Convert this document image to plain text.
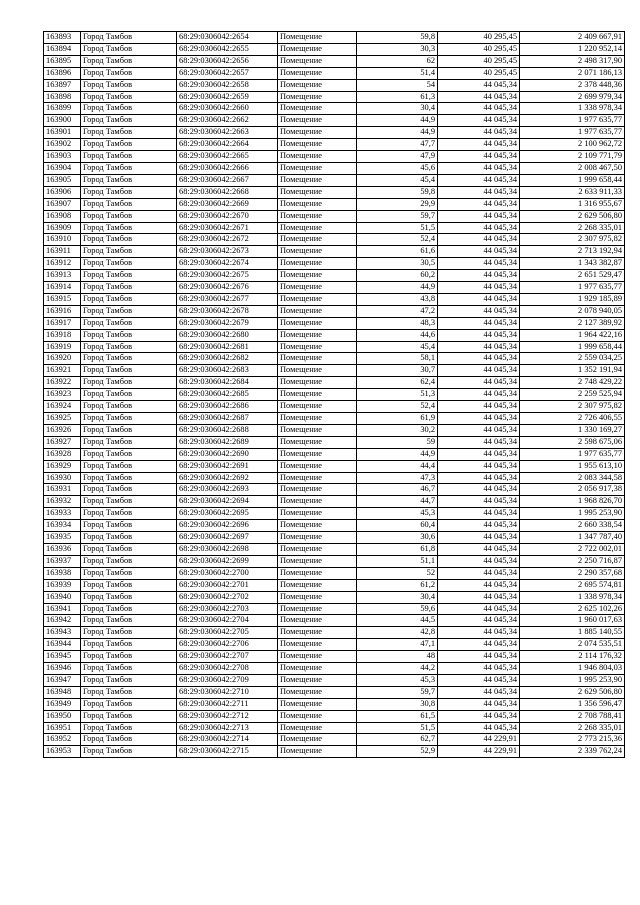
163893	Город Тамбов	68:29:0306042:2654	Помещение	59,8	40 295,45	2 409 667,91
163894	Город Тамбов	68:29:0306042:2655	Помещение	30,3	40 295,45	1 220 952,14
163895	Город Тамбов	68:29:0306042:2656	Помещение	62	40 295,45	2 498 317,90
163896	Город Тамбов	68:29:0306042:2657	Помещение	51,4	40 295,45	2 071 186,13
163897	Город Тамбов	68:29:0306042:2658	Помещение	54	44 045,34	2 378 448,36
163898	Город Тамбов	68:29:0306042:2659	Помещение	61,3	44 045,34	2 699 979,34
163899	Город Тамбов	68:29:0306042:2660	Помещение	30,4	44 045,34	1 338 978,34
163900	Город Тамбов	68:29:0306042:2662	Помещение	44,9	44 045,34	1 977 635,77
163901	Город Тамбов	68:29:0306042:2663	Помещение	44,9	44 045,34	1 977 635,77
163902	Город Тамбов	68:29:0306042:2664	Помещение	47,7	44 045,34	2 100 962,72
163903	Город Тамбов	68:29:0306042:2665	Помещение	47,9	44 045,34	2 109 771,79
163904	Город Тамбов	68:29:0306042:2666	Помещение	45,6	44 045,34	2 008 467,50
163905	Город Тамбов	68:29:0306042:2667	Помещение	45,4	44 045,34	1 999 658,44
163906	Город Тамбов	68:29:0306042:2668	Помещение	59,8	44 045,34	2 633 911,33
163907	Город Тамбов	68:29:0306042:2669	Помещение	29,9	44 045,34	1 316 955,67
163908	Город Тамбов	68:29:0306042:2670	Помещение	59,7	44 045,34	2 629 506,80
163909	Город Тамбов	68:29:0306042:2671	Помещение	51,5	44 045,34	2 268 335,01
163910	Город Тамбов	68:29:0306042:2672	Помещение	52,4	44 045,34	2 307 975,82
163911	Город Тамбов	68:29:0306042:2673	Помещение	61,6	44 045,34	2 713 192,94
163912	Город Тамбов	68:29:0306042:2674	Помещение	30,5	44 045,34	1 343 382,87
163913	Город Тамбов	68:29:0306042:2675	Помещение	60,2	44 045,34	2 651 529,47
163914	Город Тамбов	68:29:0306042:2676	Помещение	44,9	44 045,34	1 977 635,77
163915	Город Тамбов	68:29:0306042:2677	Помещение	43,8	44 045,34	1 929 185,89
163916	Город Тамбов	68:29:0306042:2678	Помещение	47,2	44 045,34	2 078 940,05
163917	Город Тамбов	68:29:0306042:2679	Помещение	48,3	44 045,34	2 127 389,92
163918	Город Тамбов	68:29:0306042:2680	Помещение	44,6	44 045,34	1 964 422,16
163919	Город Тамбов	68:29:0306042:2681	Помещение	45,4	44 045,34	1 999 658,44
163920	Город Тамбов	68:29:0306042:2682	Помещение	58,1	44 045,34	2 559 034,25
163921	Город Тамбов	68:29:0306042:2683	Помещение	30,7	44 045,34	1 352 191,94
163922	Город Тамбов	68:29:0306042:2684	Помещение	62,4	44 045,34	2 748 429,22
163923	Город Тамбов	68:29:0306042:2685	Помещение	51,3	44 045,34	2 259 525,94
163924	Город Тамбов	68:29:0306042:2686	Помещение	52,4	44 045,34	2 307 975,82
163925	Город Тамбов	68:29:0306042:2687	Помещение	61,9	44 045,34	2 726 406,55
163926	Город Тамбов	68:29:0306042:2688	Помещение	30,2	44 045,34	1 330 169,27
163927	Город Тамбов	68:29:0306042:2689	Помещение	59	44 045,34	2 598 675,06
163928	Город Тамбов	68:29:0306042:2690	Помещение	44,9	44 045,34	1 977 635,77
163929	Город Тамбов	68:29:0306042:2691	Помещение	44,4	44 045,34	1 955 613,10
163930	Город Тамбов	68:29:0306042:2692	Помещение	47,3	44 045,34	2 083 344,58
163931	Город Тамбов	68:29:0306042:2693	Помещение	46,7	44 045,34	2 056 917,38
163932	Город Тамбов	68:29:0306042:2694	Помещение	44,7	44 045,34	1 968 826,70
163933	Город Тамбов	68:29:0306042:2695	Помещение	45,3	44 045,34	1 995 253,90
163934	Город Тамбов	68:29:0306042:2696	Помещение	60,4	44 045,34	2 660 338,54
163935	Город Тамбов	68:29:0306042:2697	Помещение	30,6	44 045,34	1 347 787,40
163936	Город Тамбов	68:29:0306042:2698	Помещение	61,8	44 045,34	2 722 002,01
163937	Город Тамбов	68:29:0306042:2699	Помещение	51,1	44 045,34	2 250 716,87
163938	Город Тамбов	68:29:0306042:2700	Помещение	52	44 045,34	2 290 357,68
163939	Город Тамбов	68:29:0306042:2701	Помещение	61,2	44 045,34	2 695 574,81
163940	Город Тамбов	68:29:0306042:2702	Помещение	30,4	44 045,34	1 338 978,34
163941	Город Тамбов	68:29:0306042:2703	Помещение	59,6	44 045,34	2 625 102,26
163942	Город Тамбов	68:29:0306042:2704	Помещение	44,5	44 045,34	1 960 017,63
163943	Город Тамбов	68:29:0306042:2705	Помещение	42,8	44 045,34	1 885 140,55
163944	Город Тамбов	68:29:0306042:2706	Помещение	47,1	44 045,34	2 074 535,51
163945	Город Тамбов	68:29:0306042:2707	Помещение	48	44 045,34	2 114 176,32
163946	Город Тамбов	68:29:0306042:2708	Помещение	44,2	44 045,34	1 946 804,03
163947	Город Тамбов	68:29:0306042:2709	Помещение	45,3	44 045,34	1 995 253,90
163948	Город Тамбов	68:29:0306042:2710	Помещение	59,7	44 045,34	2 629 506,80
163949	Город Тамбов	68:29:0306042:2711	Помещение	30,8	44 045,34	1 356 596,47
163950	Город Тамбов	68:29:0306042:2712	Помещение	61,5	44 045,34	2 708 788,41
163951	Город Тамбов	68:29:0306042:2713	Помещение	51,5	44 045,34	2 268 335,01
163952	Город Тамбов	68:29:0306042:2714	Помещение	62,7	44 229,91	2 773 215,36
163953	Город Тамбов	68:29:0306042:2715	Помещение	52,9	44 229,91	2 339 762,24
